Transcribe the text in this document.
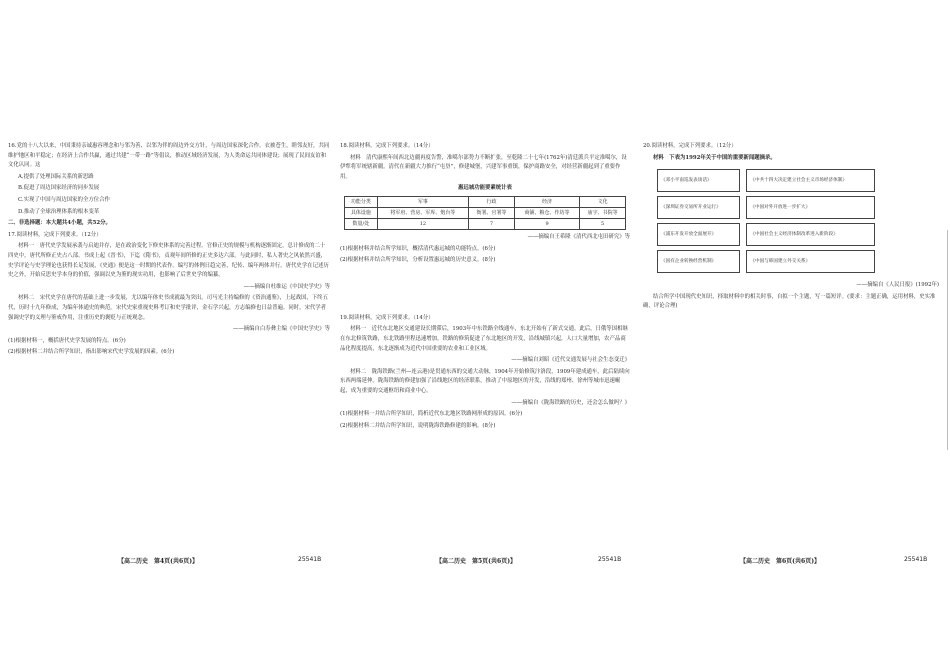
16.党的十八大以来，中国秉持亲诚惠容理念和与邻为善、以邻为伴的周边外交方针，与周边国家深化合作。衣被苍生，睦邻友好，共同维护地区和平稳定；在经济上合作共赢，通过共建“一带一路”等倡议，推动区域经济发展，为人类命运共同体建设；展现了民间友谊和文化认同。这

A.提供了处理国际关系的新思路

B.促进了周边国家经济的同步发展

C.实现了中国与周边国家的全方位合作

D.推动了全球治理体系的根本变革

二、非选择题：本大题共4小题，共52分。

17.阅读材料，完成下列要求。（12分）

材料一　唐代史学发展承袭与启迪并存，是在政治变化下修史体系的完善过程。官修正史的规模与机构逐渐固定，总计修成的二十四史中，唐代所修正史占八部。书成上起《晋书》，下迄《隋书》，贞观年间所修的正史多达六部。与此同时，私人著史之风依然兴盛，史学评论与史学理论也获得长足发展，《史通》便是这一时期的代表作。编写的体例日趋完善，纪传、编年两体并行。唐代史学在记述历史之外，开始反思史学本身的价值，强调以史为鉴的现实功用，也影响了后世史学的编纂。

——摘编自杜维运《中国史学史》等

材料二　宋代史学在唐代的基础上进一步发展，尤以编年体史书成就最为突出。司马光主持编修的《资治通鉴》，上起战国，下终五代，历时十九年修成，为编年体通史的典范。宋代史家重视史料考订和史学批评，金石学兴起，方志编修也日益普遍。同时，宋代学者强调史学的义理与鉴戒作用，注重历史的褒贬与正统观念。

——摘编自白寿彝主编《中国史学史》等

(1)根据材料一，概括唐代史学发展的特点。(6分)

(2)根据材料二并结合所学知识，指出影响宋代史学发展的因素。(6分)

【高二历史　第4页(共6页)】	25541B

18.阅读材料，完成下列要求。（14分）

材料　清代康熙年间西北边疆再度告警，准噶尔部势力不断扩张，至乾隆二十七年(1762年)清廷派兵平定准噶尔，设伊犁将军统辖新疆。清代在新疆大力推行“屯垦”，修建城堡，兴建军事重镇，保护商路安全，对经营新疆起到了重要作用。

惠远城功能要素统计表
功能分类	军事	行政	经济	文化
具体设施	将军府、营房、军库、炮台等	衙署、官署等	商铺、粮仓、作坊等	庙宇、书院等
数量/处	12	7	9	5

——摘编自王希隆《清代西北屯田研究》等

(1)根据材料并结合所学知识，概括清代惠远城的功能特点。(6分)

(2)根据材料并结合所学知识，分析设置惠远城的历史意义。(8分)

19.阅读材料，完成下列要求。（14分）

材料一　近代东北地区交通建设长期滞后，1903年中东铁路全线通车，东北开始有了新式交通。此后，日俄等国相继在东北修筑铁路，东北铁路里程迅速增加。铁路的修筑促进了东北地区的开发，沿线城镇兴起，人口大量增加，农产品商品化程度提高，东北逐渐成为近代中国重要的农业和工业区域。

——摘编自刘昭《近代交通发展与社会生态变迁》

材料二　陇海铁路(兰州—连云港)是贯通东西的交通大动脉，1904年开始修筑汴洛段，1909年建成通车，此后陆续向东西两端延伸。陇海铁路的修建加强了沿线地区的经济联系，推动了中原地区的开发，沿线的郑州、徐州等城市迅速崛起，成为重要的交通枢纽和商业中心。

——摘编自《陇海铁路的历史，还会怎么做吗？》

(1)根据材料一并结合所学知识，简析近代东北地区铁路网形成的原因。(6分)

(2)根据材料二并结合所学知识，说明陇海铁路修建的影响。(8分)

【高二历史　第5页(共6页)】	25541B

20.阅读材料，完成下列要求。（12分）

材料　下表为1992年关于中国的重要新闻题摘录。

《邓小平南巡发表谈话》	《中共十四大决定建立社会主义市场经济体制》
《深圳证券交易所开业运行》	《中国对外开放进一步扩大》
《浦东开发开放全面展开》	《中国社会主义经济体制改革进入新阶段》
《国有企业转换经营机制》	《中国与韩国建立外交关系》

——摘编自《人民日报》(1992年)

结合所学中国现代史知识，择取材料中的相关时事，自拟一个主题，写一篇短评。(要求：主题正确，运用材料，史实准确，评论合理)

【高二历史　第6页(共6页)】	25541B
